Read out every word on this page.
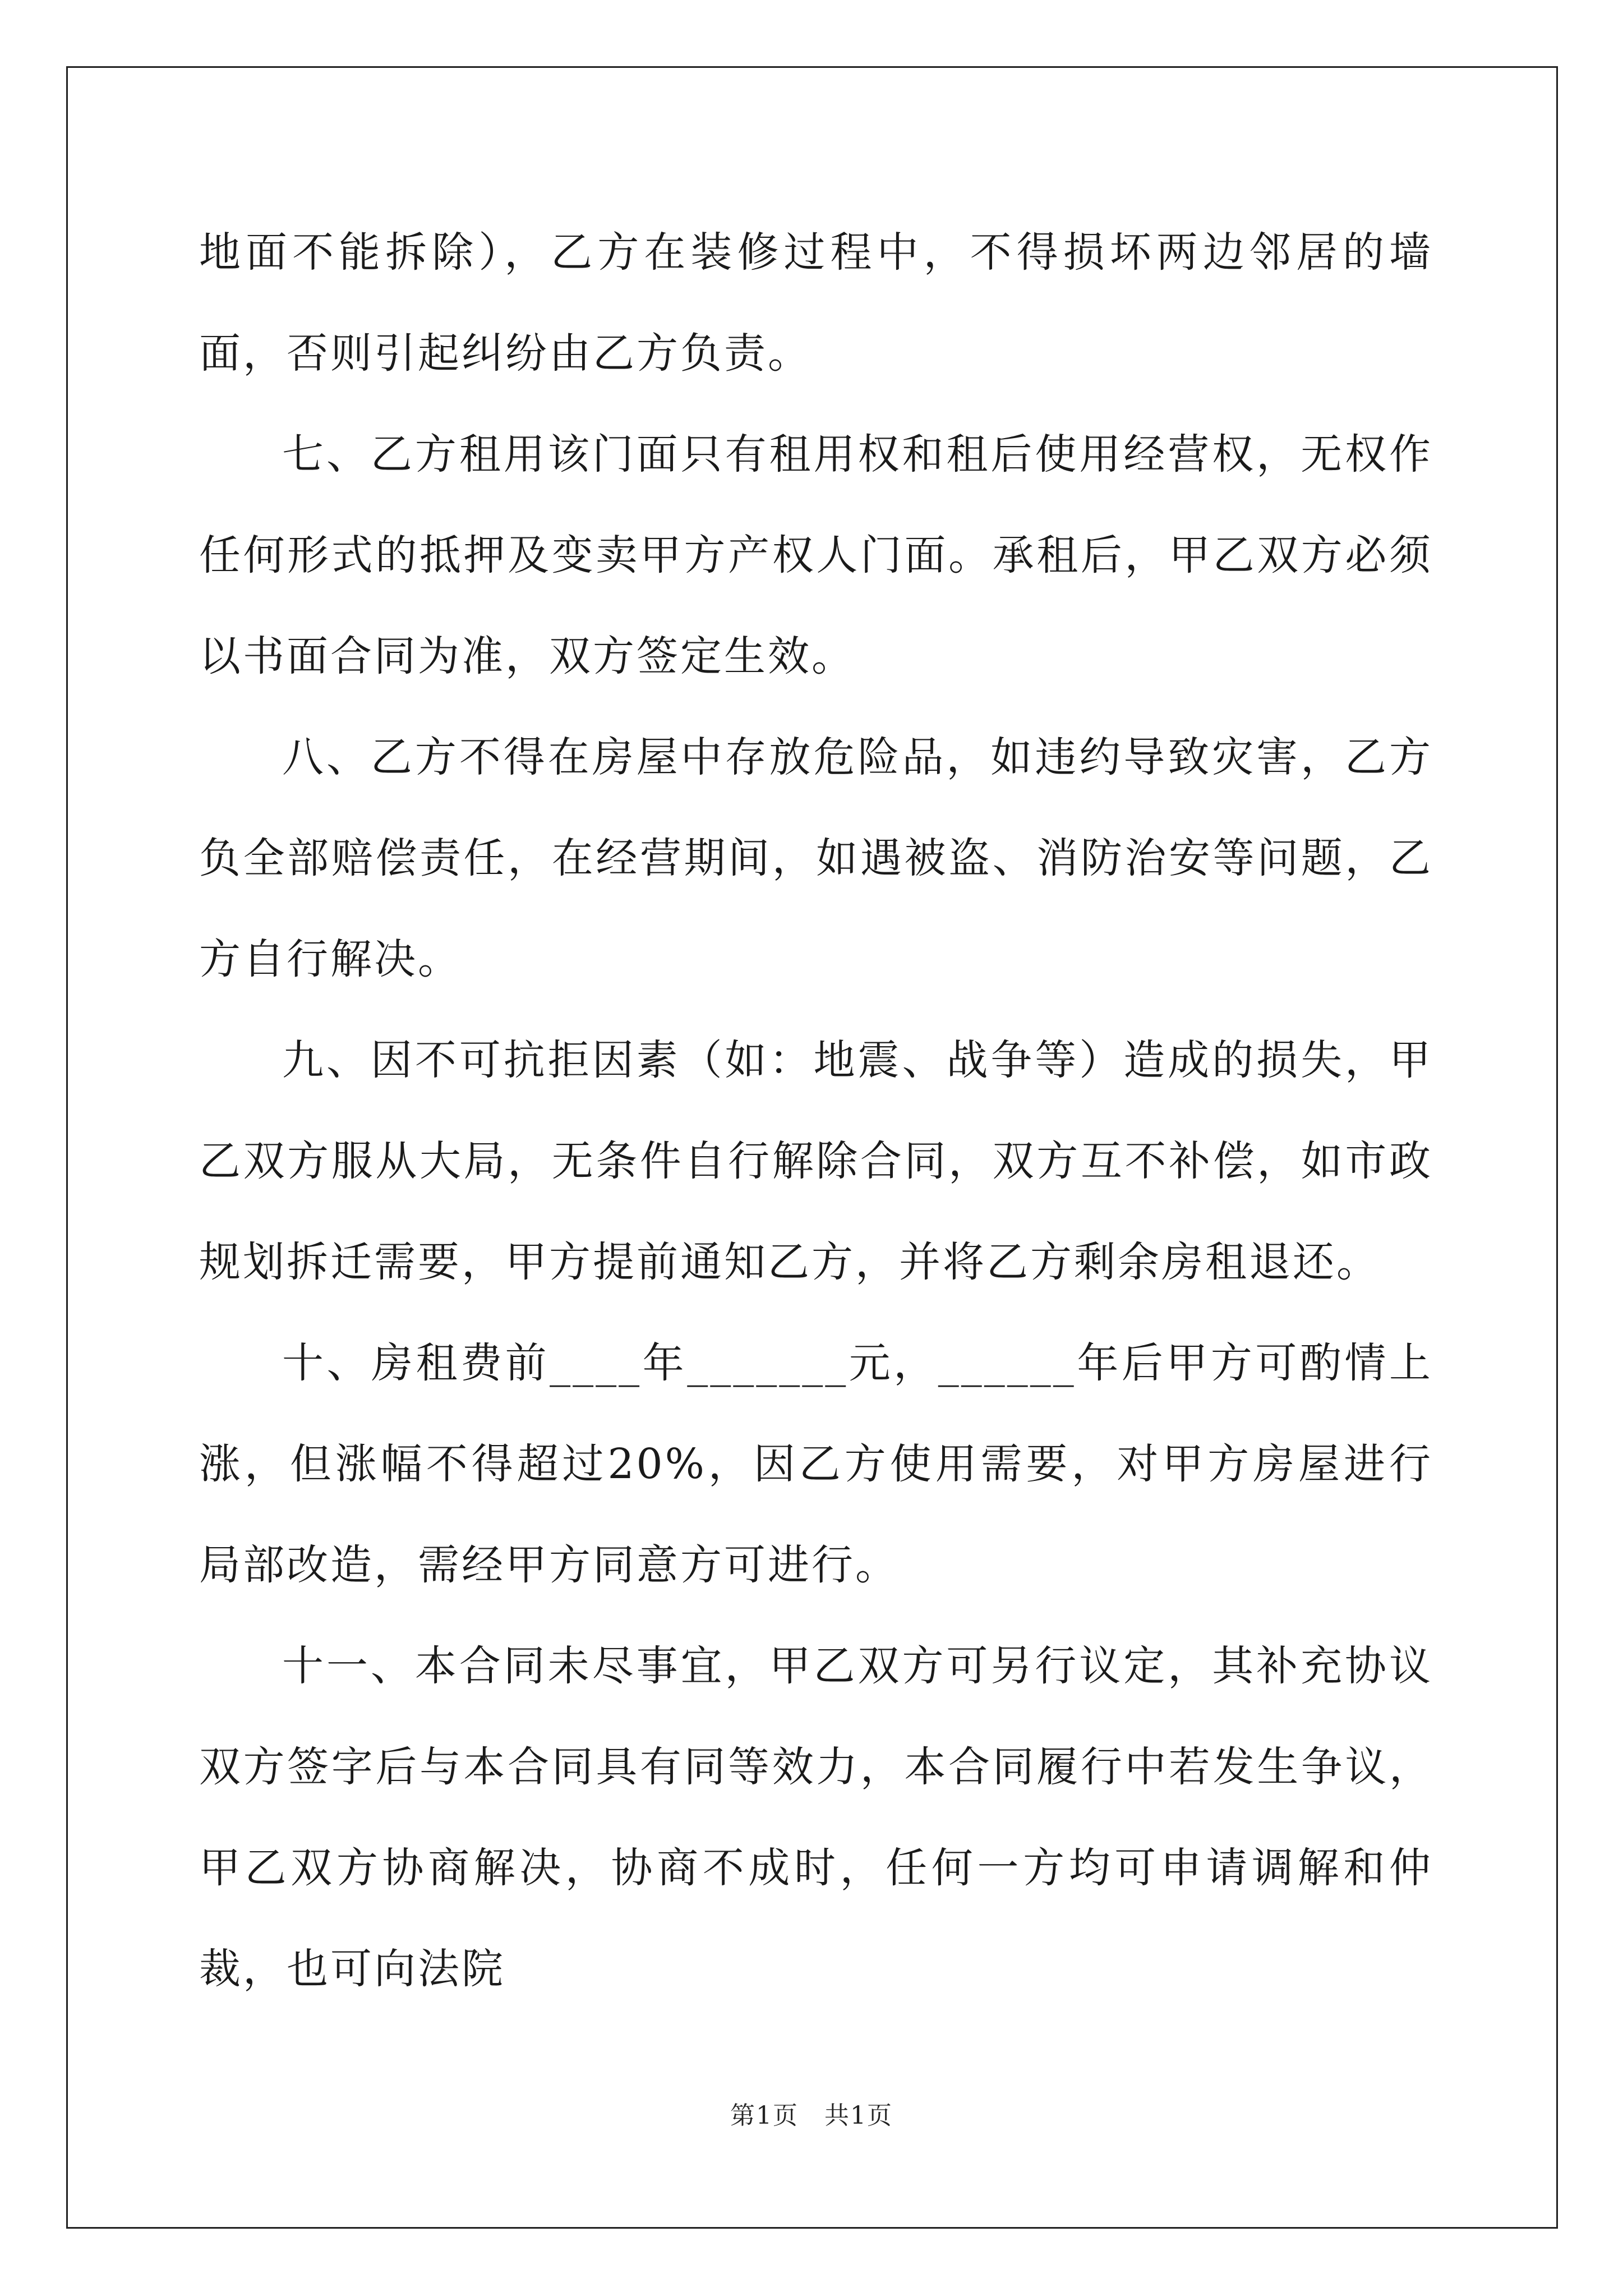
地面不能拆除），乙方在装修过程中，不得损坏两边邻居的墙面，否则引起纠纷由乙方负责。

七、乙方租用该门面只有租用权和租后使用经营权，无权作任何形式的抵押及变卖甲方产权人门面。承租后，甲乙双方必须以书面合同为准，双方签定生效。

八、乙方不得在房屋中存放危险品，如违约导致灾害，乙方负全部赔偿责任，在经营期间，如遇被盗、消防治安等问题，乙方自行解决。

九、因不可抗拒因素（如：地震、战争等）造成的损失，甲乙双方服从大局，无条件自行解除合同，双方互不补偿，如市政规划拆迁需要，甲方提前通知乙方，并将乙方剩余房租退还。

十、房租费前____年_______元，______年后甲方可酌情上涨，但涨幅不得超过20%，因乙方使用需要，对甲方房屋进行局部改造，需经甲方同意方可进行。

十一、本合同未尽事宜，甲乙双方可另行议定，其补充协议双方签字后与本合同具有同等效力，本合同履行中若发生争议，甲乙双方协商解决，协商不成时，任何一方均可申请调解和仲裁，也可向法院

第1页　共1页
